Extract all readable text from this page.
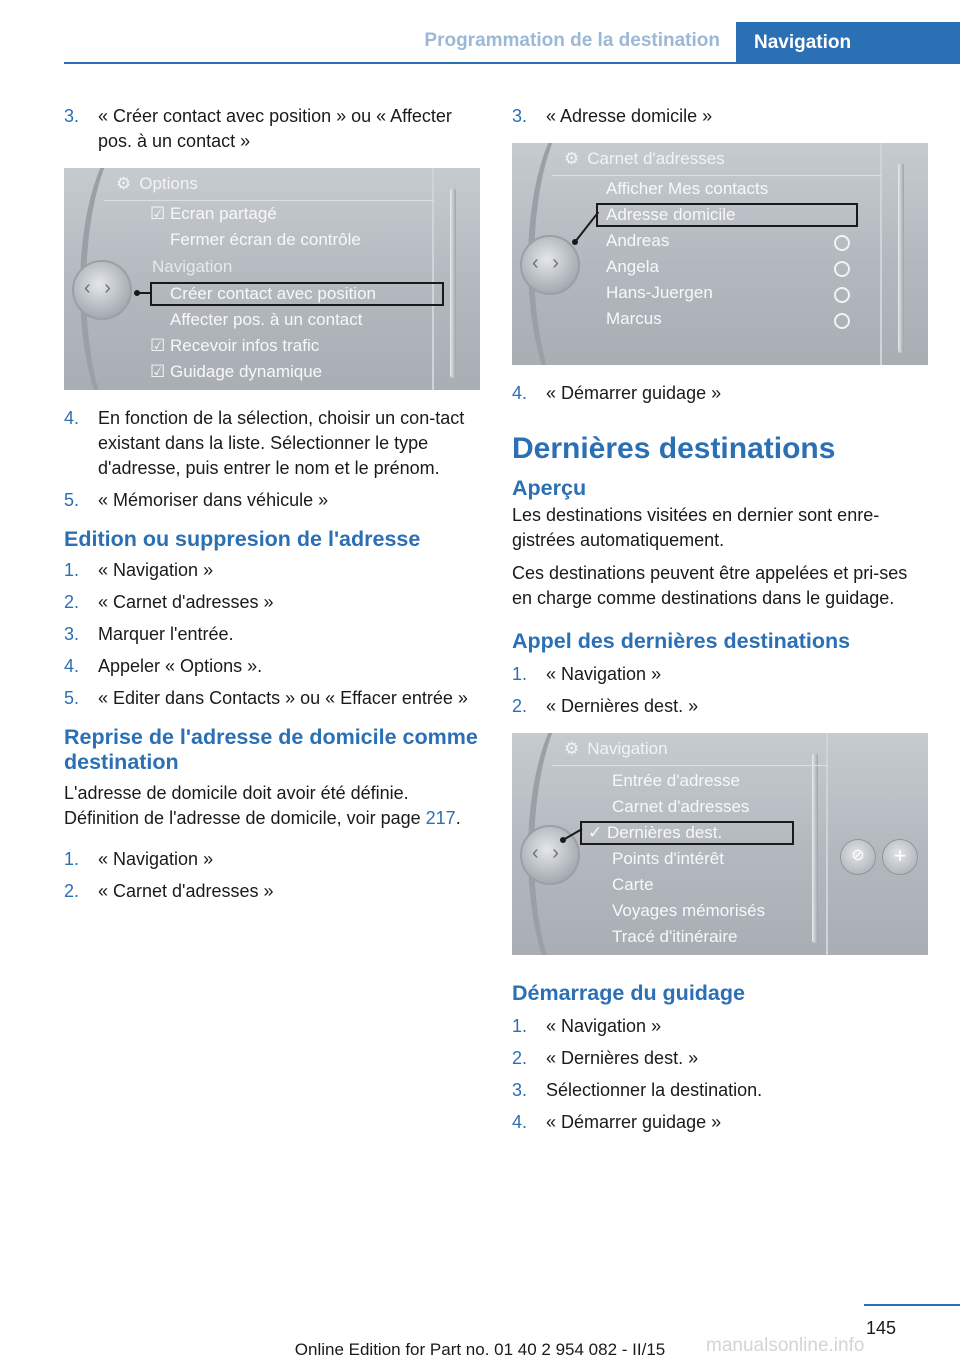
Programmation de la destination	Navigation
3. « Créer contact avec position » ou « Affecter pos. à un contact »
‹ ›
⚙ Options
☑ Ecran partagé
Fermer écran de contrôle
Navigation
Créer contact avec position
Affecter pos. à un contact
☑ Recevoir infos trafic
☑ Guidage dynamique
4. En fonction de la sélection, choisir un con-tact existant dans la liste. Sélectionner le type d'adresse, puis entrer le nom et le prénom.
5. « Mémoriser dans véhicule »
Edition ou suppresion de l'adresse
1. « Navigation »
2. « Carnet d'adresses »
3. Marquer l'entrée.
4. Appeler « Options ».
5. « Editer dans Contacts » ou « Effacer entrée »
Reprise de l'adresse de domicile comme destination
L'adresse de domicile doit avoir été définie.
Définition de l'adresse de domicile, voir page 217.
1. « Navigation »
2. « Carnet d'adresses »
3. « Adresse domicile »
‹ ›
⚙ Carnet d'adresses
Afficher Mes contacts
Adresse domicile
Andreas
Angela
Hans-Juergen
Marcus
4. « Démarrer guidage »
Dernières destinations
Aperçu
Les destinations visitées en dernier sont enre-gistrées automatiquement.
Ces destinations peuvent être appelées et pri-ses en charge comme destinations dans le guidage.
Appel des dernières destinations
1. « Navigation »
2. « Dernières dest. »
‹ ›
⚙ Navigation
Entrée d'adresse
Carnet d'adresses
✓ Dernières dest.
Points d'intérêt
Carte
Voyages mémorisés
Tracé d'itinéraire
⊘	+
Démarrage du guidage
1. « Navigation »
2. « Dernières dest. »
3. Sélectionner la destination.
4. « Démarrer guidage »
145
Online Edition for Part no. 01 40 2 954 082 - II/15	manualsonline.info
